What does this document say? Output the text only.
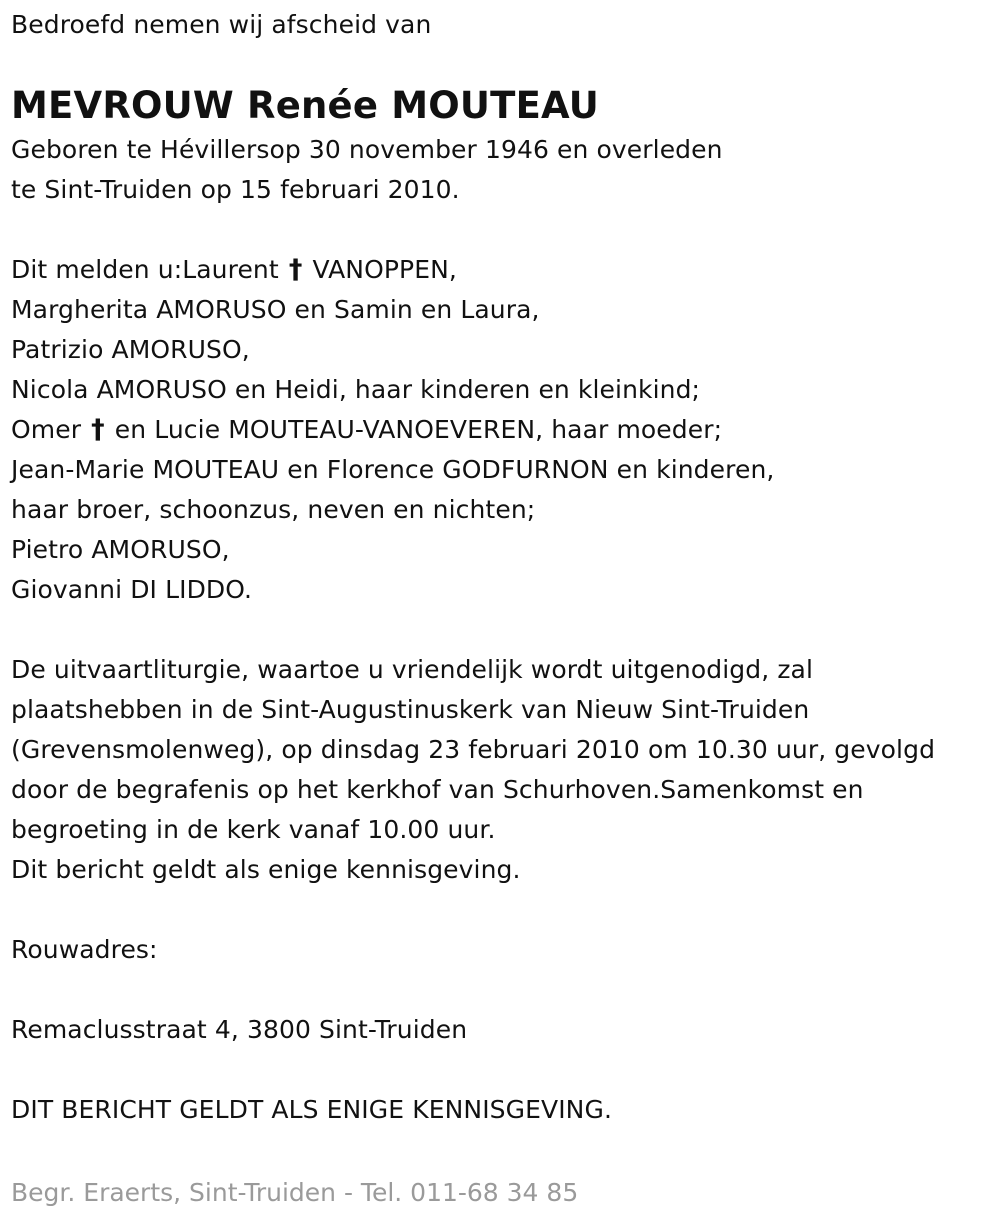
Bedroefd nemen wij afscheid van
MEVROUW Renée MOUTEAU
Geboren te Hévillersop 30 november 1946 en overleden
te Sint-Truiden op 15 februari 2010.
Dit melden u:Laurent † VANOPPEN,
Margherita AMORUSO en Samin en Laura,
Patrizio AMORUSO,
Nicola AMORUSO en Heidi, haar kinderen en kleinkind;
Omer † en Lucie MOUTEAU-VANOEVEREN, haar moeder;
Jean-Marie MOUTEAU en Florence GODFURNON en kinderen,
haar broer, schoonzus, neven en nichten;
Pietro AMORUSO,
Giovanni DI LIDDO.
De uitvaartliturgie, waartoe u vriendelijk wordt uitgenodigd, zal
plaatshebben in de Sint-Augustinuskerk van Nieuw Sint-Truiden
(Grevensmolenweg), op dinsdag 23 februari 2010 om 10.30 uur, gevolgd
door de begrafenis op het kerkhof van Schurhoven.Samenkomst en
begroeting in de kerk vanaf 10.00 uur.
Dit bericht geldt als enige kennisgeving.
Rouwadres:
Remaclusstraat 4, 3800 Sint-Truiden
DIT BERICHT GELDT ALS ENIGE KENNISGEVING.
Begr. Eraerts, Sint-Truiden - Tel. 011-68 34 85
